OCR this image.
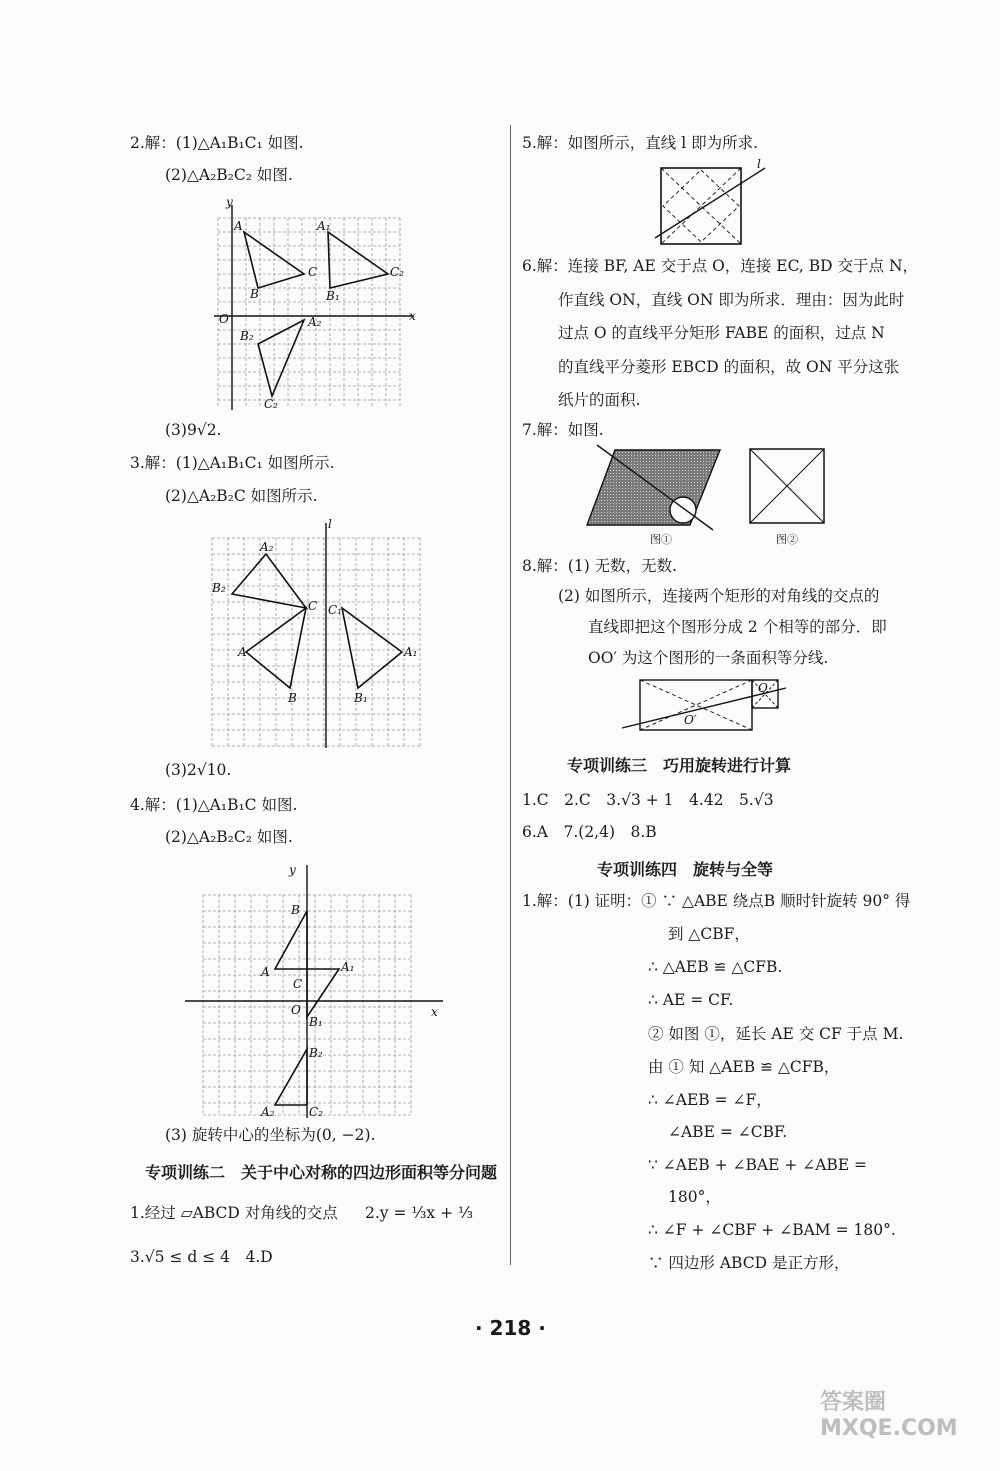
2.解：(1)△A₁B₁C₁ 如图.
(2)△A₂B₂C₂ 如图.
y
x
O
A
C
B
A₁
C₂
B₁
A₂
B₂
C₂
(3)9√2.
3.解：(1)△A₁B₁C₁ 如图所示.
(2)△A₂B₂C 如图所示.
l
A₂
B₂
C
A
B
C₁
A₁
B₁
(3)2√10.
4.解：(1)△A₁B₁C 如图.
(2)△A₂B₂C₂ 如图.
y
x
O
B
A
C
A₁
B₁
B₂
A₂	C₂
(3) 旋转中心的坐标为(0, −2).
专项训练二　关于中心对称的四边形面积等分问题
1.经过 ▱ABCD 对角线的交点 2.y = ⅓x + ⅓
3.√5 ≤ d ≤ 4　4.D
5.解：如图所示，直线 l 即为所求.
l
6.解：连接 BF, AE 交于点 O，连接 EC, BD 交于点 N，
作直线 ON，直线 ON 即为所求．理由：因为此时
过点 O 的直线平分矩形 FABE 的面积，过点 N
的直线平分菱形 EBCD 的面积，故 ON 平分这张
纸片的面积.
7.解：如图.
图①	图②
8.解：(1) 无数，无数.
(2) 如图所示，连接两个矩形的对角线的交点的
直线即把这个图形分成 2 个相等的部分．即
OO′ 为这个图形的一条面积等分线.
O′
O
专项训练三　巧用旋转进行计算
1.C　2.C　3.√3 + 1　4.42　5.√3
6.A　7.(2,4)　8.B
专项训练四　旋转与全等
1.解：(1) 证明：① ∵ △ABE 绕点B 顺时针旋转 90° 得
到 △CBF，
∴ △AEB ≌ △CFB.
∴ AE = CF.
② 如图 ①，延长 AE 交 CF 于点 M.
由 ① 知 △AEB ≌ △CFB，
∴ ∠AEB = ∠F，
∠ABE = ∠CBF.
∵ ∠AEB + ∠BAE + ∠ABE =
180°，
∴ ∠F + ∠CBF + ∠BAM = 180°.
∵ 四边形 ABCD 是正方形，
· 218 ·
答案圈 MXQE.COM
